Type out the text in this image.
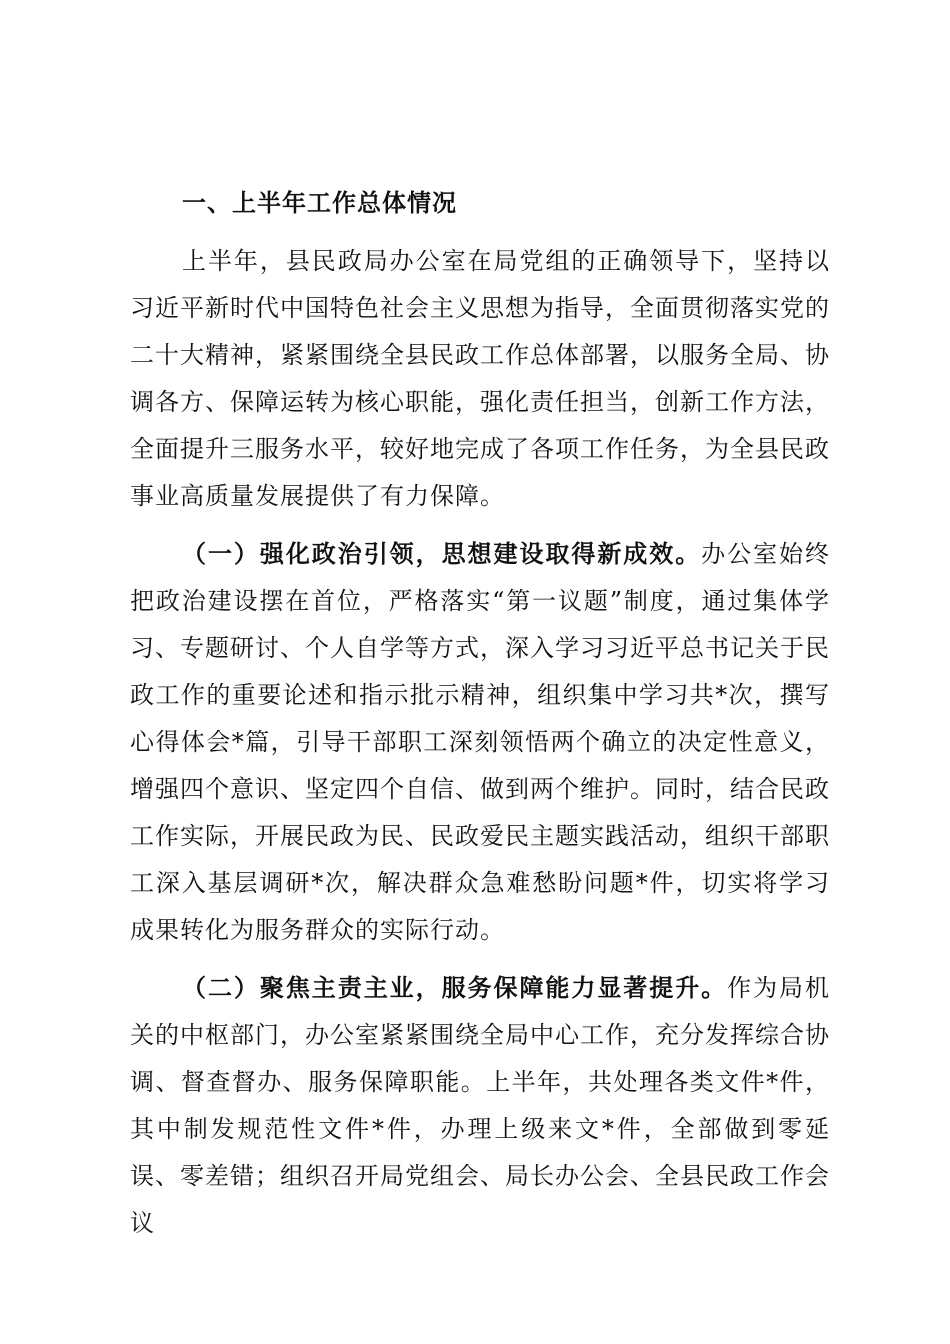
一、上半年工作总体情况

上半年，县民政局办公室在局党组的正确领导下，坚持以习近平新时代中国特色社会主义思想为指导，全面贯彻落实党的二十大精神，紧紧围绕全县民政工作总体部署，以服务全局、协调各方、保障运转为核心职能，强化责任担当，创新工作方法，全面提升三服务水平，较好地完成了各项工作任务，为全县民政事业高质量发展提供了有力保障。

（一）强化政治引领，思想建设取得新成效。办公室始终把政治建设摆在首位，严格落实“第一议题”制度，通过集体学习、专题研讨、个人自学等方式，深入学习习近平总书记关于民政工作的重要论述和指示批示精神，组织集中学习共*次，撰写心得体会*篇，引导干部职工深刻领悟两个确立的决定性意义，增强四个意识、坚定四个自信、做到两个维护。同时，结合民政工作实际，开展民政为民、民政爱民主题实践活动，组织干部职工深入基层调研*次，解决群众急难愁盼问题*件，切实将学习成果转化为服务群众的实际行动。

（二）聚焦主责主业，服务保障能力显著提升。作为局机关的中枢部门，办公室紧紧围绕全局中心工作，充分发挥综合协调、督查督办、服务保障职能。上半年，共处理各类文件*件，其中制发规范性文件*件，办理上级来文*件，全部做到零延误、零差错；组织召开局党组会、局长办公会、全县民政工作会议
